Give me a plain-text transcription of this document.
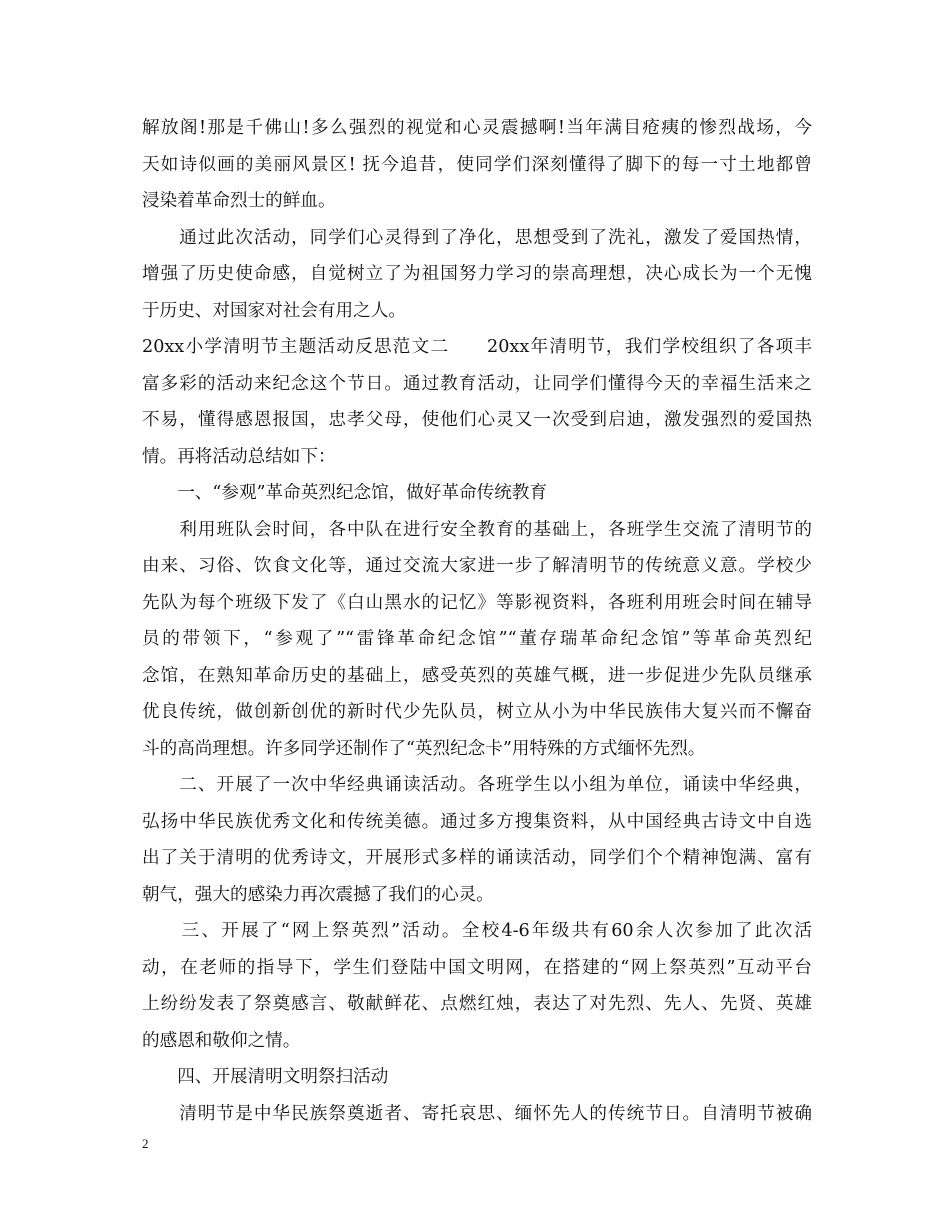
解放阁!那是千佛山!多么强烈的视觉和心灵震撼啊!当年满目疮痍的惨烈战场，今
天如诗似画的美丽风景区! 抚今追昔，使同学们深刻懂得了脚下的每一寸土地都曾
浸染着革命烈士的鲜血。
　　通过此次活动，同学们心灵得到了净化，思想受到了洗礼，激发了爱国热情，
增强了历史使命感，自觉树立了为祖国努力学习的崇高理想，决心成长为一个无愧
于历史、对国家对社会有用之人。
20xx小学清明节主题活动反思范文二　　20xx年清明节，我们学校组织了各项丰
富多彩的活动来纪念这个节日。通过教育活动，让同学们懂得今天的幸福生活来之
不易，懂得感恩报国，忠孝父母，使他们心灵又一次受到启迪，激发强烈的爱国热
情。再将活动总结如下：
　　一、“参观”革命英烈纪念馆，做好革命传统教育
　　利用班队会时间，各中队在进行安全教育的基础上，各班学生交流了清明节的
由来、习俗、饮食文化等，通过交流大家进一步了解清明节的传统意义意。学校少
先队为每个班级下发了《白山黑水的记忆》等影视资料，各班利用班会时间在辅导
员的带领下，“参观了”“雷锋革命纪念馆”“董存瑞革命纪念馆”等革命英烈纪
念馆，在熟知革命历史的基础上，感受英烈的英雄气概，进一步促进少先队员继承
优良传统，做创新创优的新时代少先队员，树立从小为中华民族伟大复兴而不懈奋
斗的高尚理想。许多同学还制作了“英烈纪念卡”用特殊的方式缅怀先烈。
　　二、开展了一次中华经典诵读活动。各班学生以小组为单位，诵读中华经典，
弘扬中华民族优秀文化和传统美德。通过多方搜集资料，从中国经典古诗文中自选
出了关于清明的优秀诗文，开展形式多样的诵读活动，同学们个个精神饱满、富有
朝气，强大的感染力再次震撼了我们的心灵。
　　三、开展了“网上祭英烈”活动。全校4-6年级共有60余人次参加了此次活
动，在老师的指导下，学生们登陆中国文明网，在搭建的“网上祭英烈”互动平台
上纷纷发表了祭奠感言、敬献鲜花、点燃红烛，表达了对先烈、先人、先贤、英雄
的感恩和敬仰之情。
　　四、开展清明文明祭扫活动
　　清明节是中华民族祭奠逝者、寄托哀思、缅怀先人的传统节日。自清明节被确
2
